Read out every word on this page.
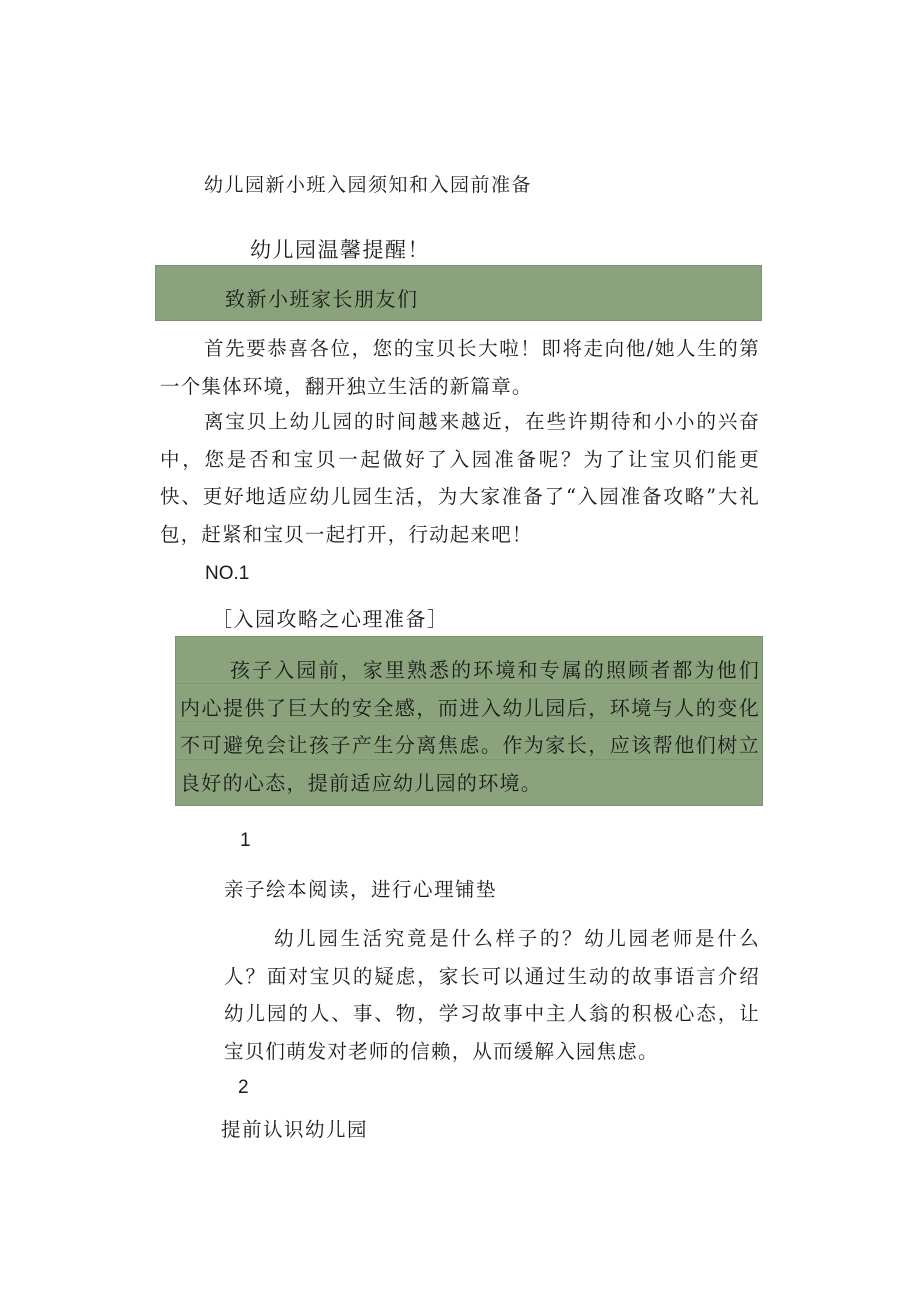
幼儿园新小班入园须知和入园前准备
幼儿园温馨提醒！
致新小班家长朋友们
首先要恭喜各位，您的宝贝长大啦！即将走向他/她人生的第一个集体环境，翻开独立生活的新篇章。
离宝贝上幼儿园的时间越来越近，在些许期待和小小的兴奋中，您是否和宝贝一起做好了入园准备呢？为了让宝贝们能更快、更好地适应幼儿园生活，为大家准备了“入园准备攻略”大礼包，赶紧和宝贝一起打开，行动起来吧！
NO.1
［入园攻略之心理准备］
孩子入园前，家里熟悉的环境和专属的照顾者都为他们内心提供了巨大的安全感，而进入幼儿园后，环境与人的变化不可避免会让孩子产生分离焦虑。作为家长，应该帮他们树立良好的心态，提前适应幼儿园的环境。
1
亲子绘本阅读，进行心理铺垫
幼儿园生活究竟是什么样子的？幼儿园老师是什么人？面对宝贝的疑虑，家长可以通过生动的故事语言介绍幼儿园的人、事、物，学习故事中主人翁的积极心态，让宝贝们萌发对老师的信赖，从而缓解入园焦虑。
2
提前认识幼儿园
